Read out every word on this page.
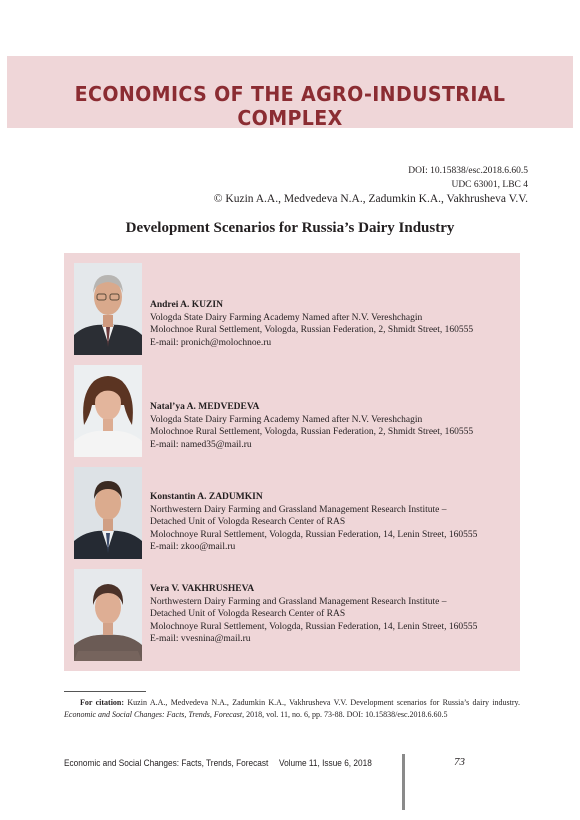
ECONOMICS OF THE AGRO-INDUSTRIAL COMPLEX
DOI: 10.15838/esc.2018.6.60.5
UDC 63001, LBC 4
© Kuzin A.A., Medvedeva N.A., Zadumkin K.A., Vakhrusheva V.V.
Development Scenarios for Russia’s Dairy Industry
Andrei A. KUZIN
Vologda State Dairy Farming Academy Named after N.V. Vereshchagin
Molochnoe Rural Settlement, Vologda, Russian Federation, 2, Shmidt Street, 160555
E-mail: pronich@molochnoe.ru
Natal’ya A. MEDVEDEVA
Vologda State Dairy Farming Academy Named after N.V. Vereshchagin
Molochnoe Rural Settlement, Vologda, Russian Federation, 2, Shmidt Street, 160555
E-mail: named35@mail.ru
Konstantin A. ZADUMKIN
Northwestern Dairy Farming and Grassland Management Research Institute –
Detached Unit of Vologda Research Center of RAS
Molochnoye Rural Settlement, Vologda, Russian Federation, 14, Lenin Street, 160555
E-mail: zkoo@mail.ru
Vera V. VAKHRUSHEVA
Northwestern Dairy Farming and Grassland Management Research Institute –
Detached Unit of Vologda Research Center of RAS
Molochnoye Rural Settlement, Vologda, Russian Federation, 14, Lenin Street, 160555
E-mail: vvesnina@mail.ru
For citation: Kuzin A.A., Medvedeva N.A., Zadumkin K.A., Vakhrusheva V.V. Development scenarios for Russia’s dairy industry. Economic and Social Changes: Facts, Trends, Forecast, 2018, vol. 11, no. 6, pp. 73-88. DOI: 10.15838/esc.2018.6.60.5
Economic and Social Changes: Facts, Trends, Forecast Volume 11, Issue 6, 2018	73
